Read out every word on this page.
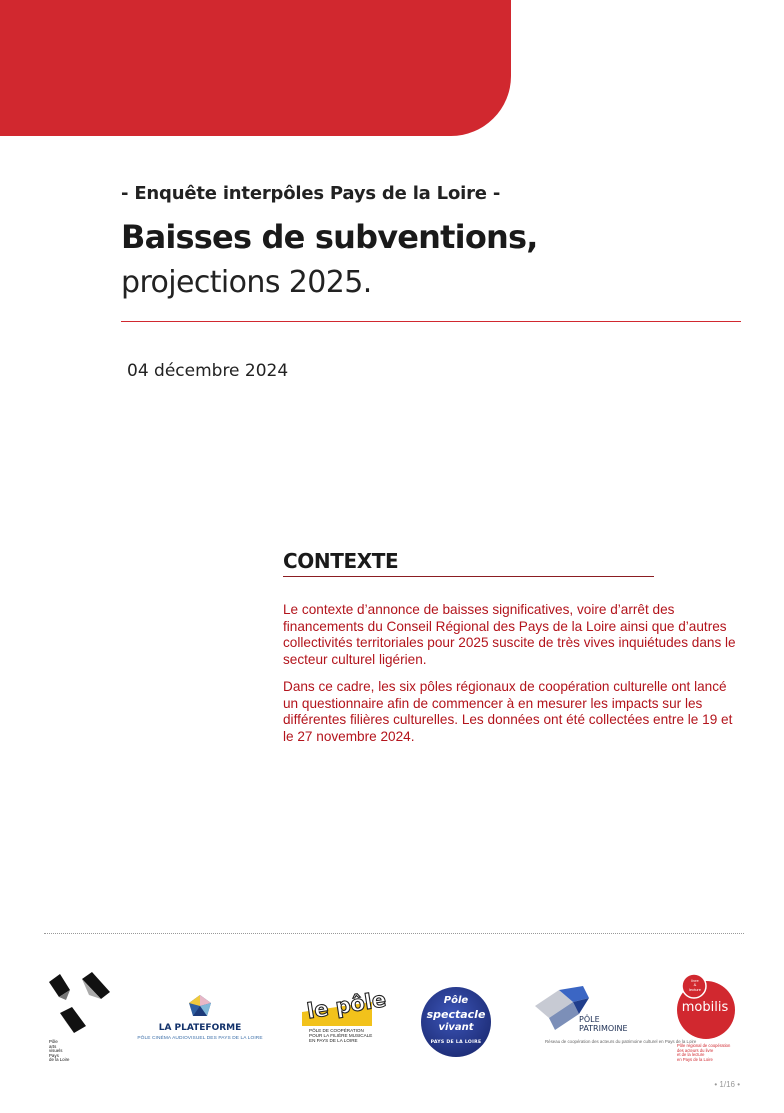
- Enquête interpôles Pays de la Loire -
Baisses de subventions,
projections 2025.
04 décembre 2024
CONTEXTE

Le contexte d’annonce de baisses significatives, voire d’arrêt des financements du Conseil Régional des Pays de la Loire ainsi que d’autres collectivités territoriales pour 2025 suscite de très vives inquiétudes dans le secteur culturel ligérien.

Dans ce cadre, les six pôles régionaux de coopération culturelle ont lancé un questionnaire afin de commencer à en mesurer les impacts sur les différentes filières culturelles. Les données ont été collectées entre le 19 et le 27 novembre 2024.

Pôle
arts
visuels
Pays
de la Loire
LA PLATEFORME
PÔLE CINÉMA AUDIOVISUEL DES PAYS DE LA LOIRE
le pôle
PÔLE DE COOPÉRATION
POUR LA FILIÈRE MUSICALE
EN PAYS DE LA LOIRE
Pôle
spectacle
vivant
PAYS DE LA LOIRE
PÔLE
PATRIMOINE
Réseau de coopération des acteurs du patrimoine culturel en Pays de la Loire
livre
&
lecture
mobilis
Pôle régional de coopération
des acteurs du livre
et de la lecture
en Pays de la Loire
• 1/16 •
